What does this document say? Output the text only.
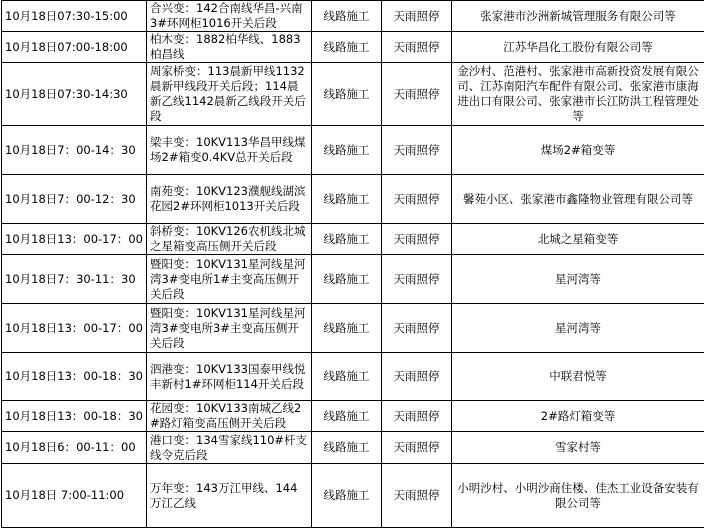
10月18日07:30-15:00	合兴变：142合南线华昌-兴南3#环网柜1016开关后段	线路施工	天雨照停	张家港市沙洲新城管理服务有限公司等
10月18日07:00-18:00	柏木变：1882柏华线、1883柏昌线	线路施工	天雨照停	江苏华昌化工股份有限公司等
10月18日07:30-14:30	周家桥变：113晨新甲线1132晨新甲线段开关后段；114晨新乙线1142晨新乙线段开关后段	线路施工	天雨照停	金沙村、范港村、张家港市高新投资发展有限公司、江苏南阳汽车配件有限公司、张家港市康海进出口有限公司、张家港市长江防洪工程管理处等
10月18日7：00-14：30	梁丰变：10KV113华昌甲线煤场2#箱变0.4KV总开关后段	线路施工	天雨照停	煤场2#箱变等
10月18日7：00-12：30	南苑变：10KV123濮舰线湖滨花园2#环网柜1013开关后段	线路施工	天雨照停	馨苑小区、张家港市鑫隆物业管理有限公司等
10月18日13：00-17：00	斜桥变：10KV126农机线北城之星箱变高压侧开关后段	线路施工	天雨照停	北城之星箱变等
10月18日7：30-11：30	暨阳变：10KV131星河线星河湾3#变电所1#主变高压侧开关后段	线路施工	天雨照停	星河湾等
10月18日13：00-17：00	暨阳变：10KV131星河线星河湾3#变电所3#主变高压侧开关后段	线路施工	天雨照停	星河湾等
10月18日13：00-18：30	泗港变：10KV133国泰甲线悦丰新村1#环网柜114开关后段	线路施工	天雨照停	中联君悦等
10月18日13：00-18：30	花园变：10KV133南城乙线2#路灯箱变高压侧开关后段	线路施工	天雨照停	2#路灯箱变等
10月18日6：00-11：00	港口变：134雪家线110#杆支线令克后段	线路施工	天雨照停	雪家村等
10月18日 7:00-11:00	万年变：143万江甲线、144万江乙线	线路施工	天雨照停	小明沙村、小明沙商住楼、佳杰工业设备安装有限公司等
